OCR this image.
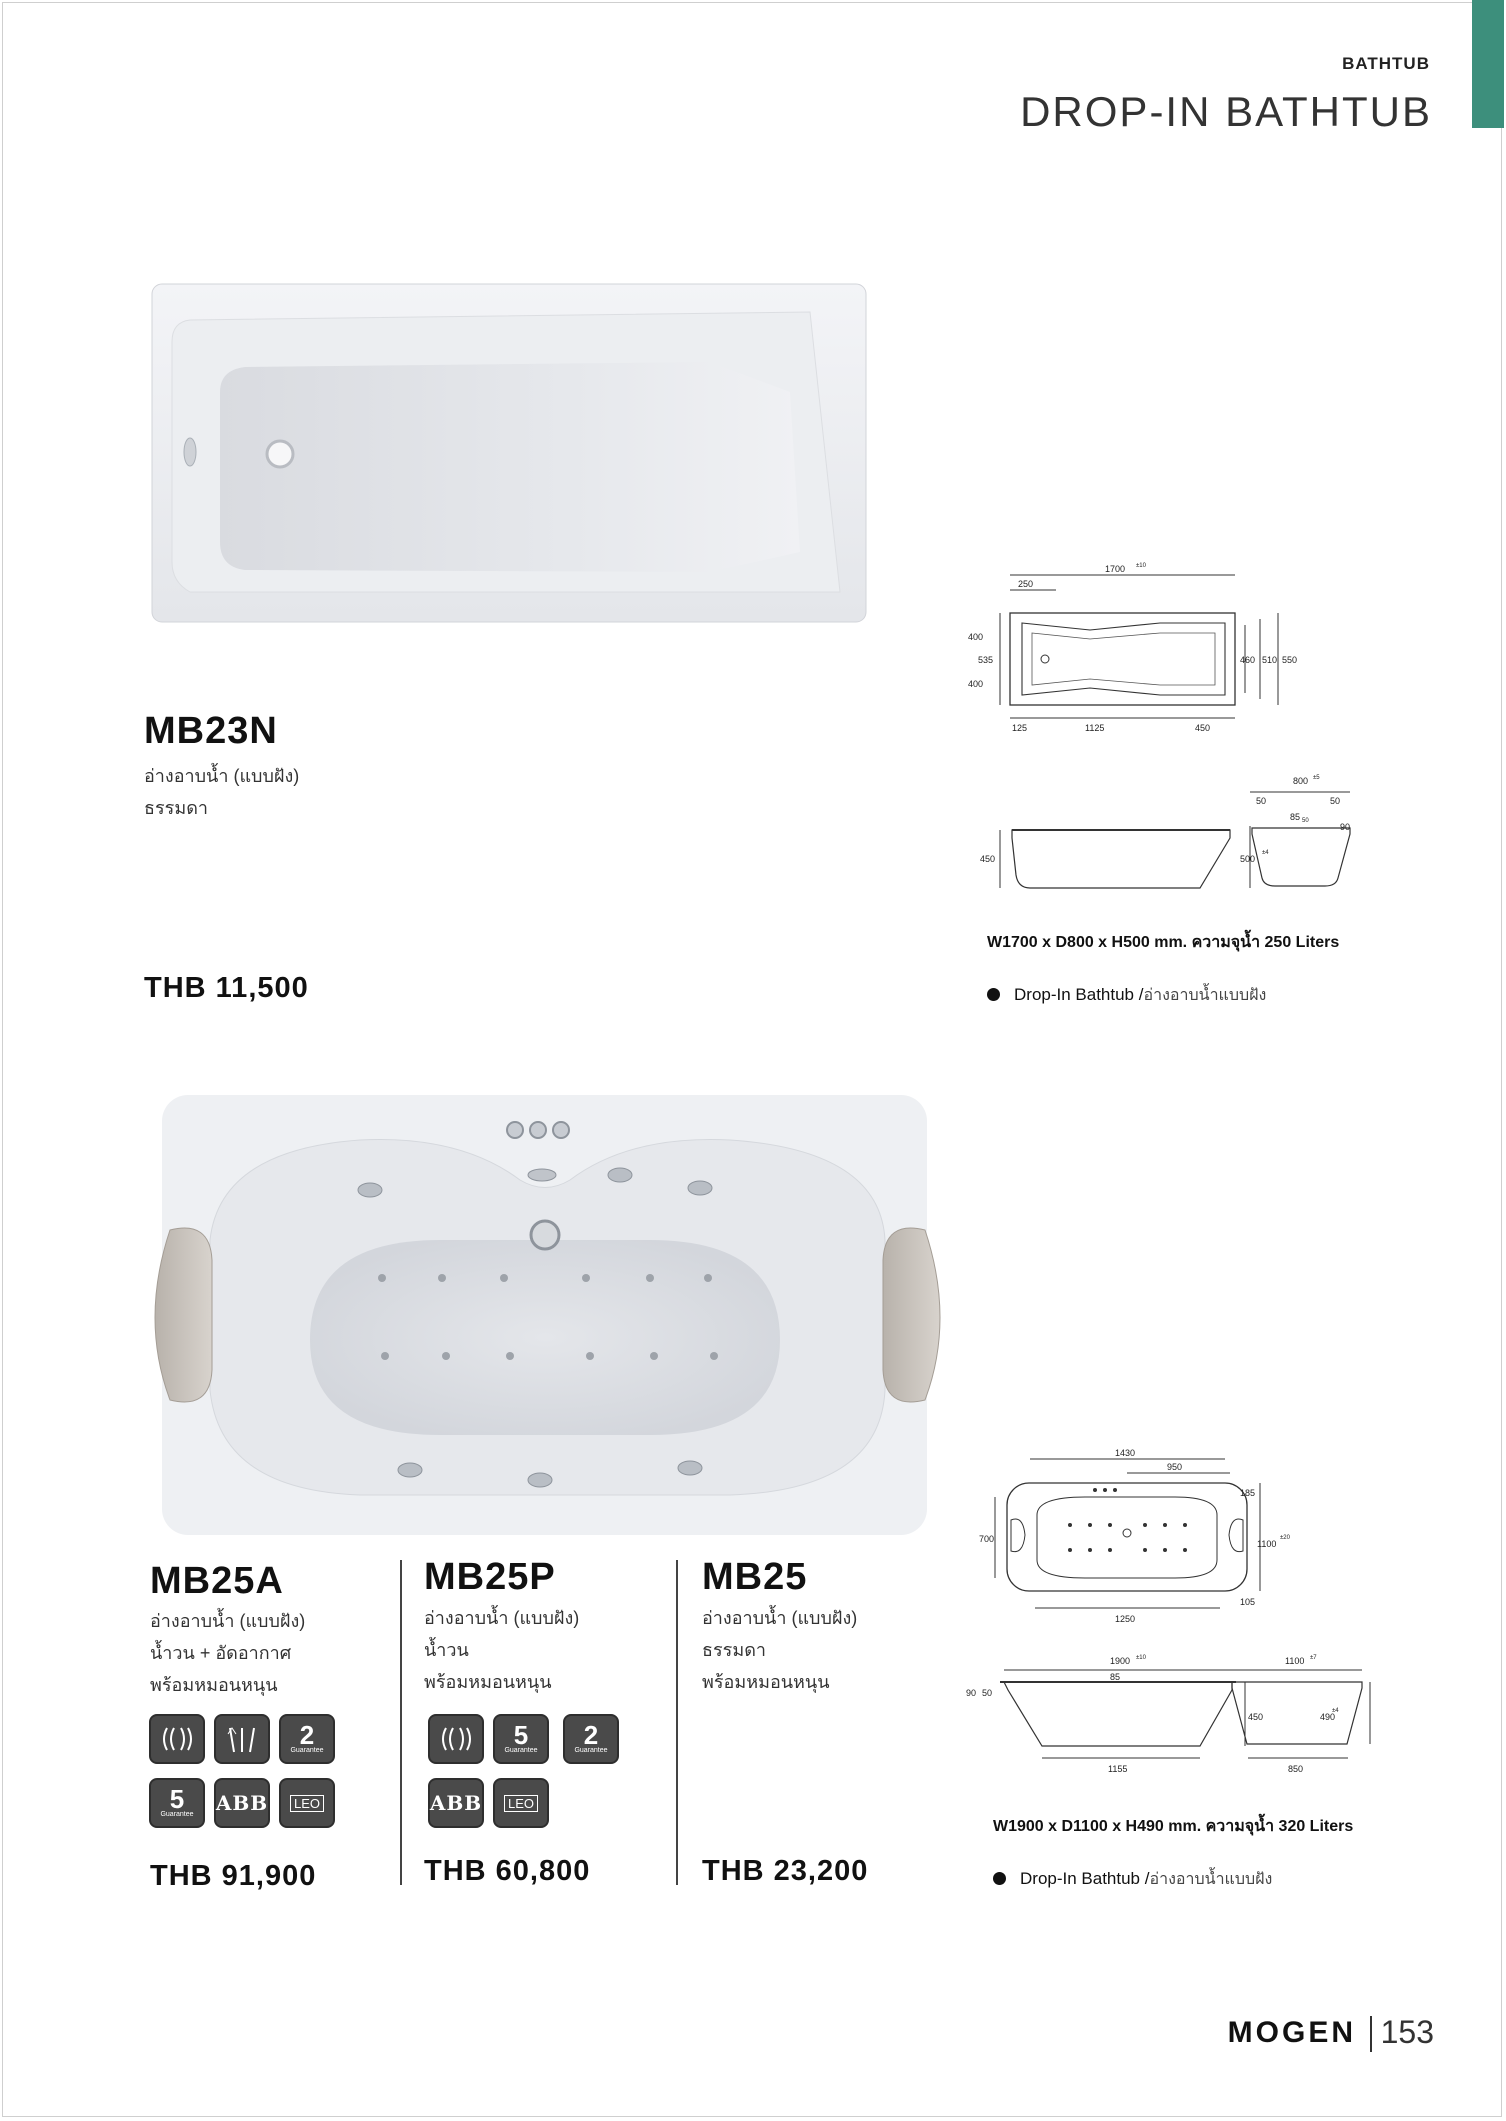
BATHTUB
DROP-IN BATHTUB
MB23N
อ่างอาบน้ำ (แบบฝัง)
ธรรมดา
THB 11,500
1700 ±10
250
400
535
400
460 510 550
125	1125	450
450	500
±4
800 ±5
50	50
85 50
90
W1700 x D800 x H500 mm. ความจุน้ำ 250 Liters
Drop-In Bathtub /อ่างอาบน้ำแบบฝัง
MB25A
อ่างอาบน้ำ (แบบฝัง)
น้ำวน + อัดอากาศ
พร้อมหมอนหนุน
2
Guarantee
5
Guarantee ABB	LEO
THB 91,900
MB25P
อ่างอาบน้ำ (แบบฝัง)
น้ำวน
พร้อมหมอนหนุน
5
Guarantee
2
Guarantee
ABB	LEO
THB 60,800
MB25
อ่างอาบน้ำ (แบบฝัง)
ธรรมดา
พร้อมหมอนหนุน
THB 23,200
1430
950
185
700	1100
±20
105
1250
1900 ±10
85
90 50
450
1155
1100 ±7
490
±4
850
W1900 x D1100 x H490 mm. ความจุน้ำ 320 Liters
Drop-In Bathtub /อ่างอาบน้ำแบบฝัง
MOGEN 153
